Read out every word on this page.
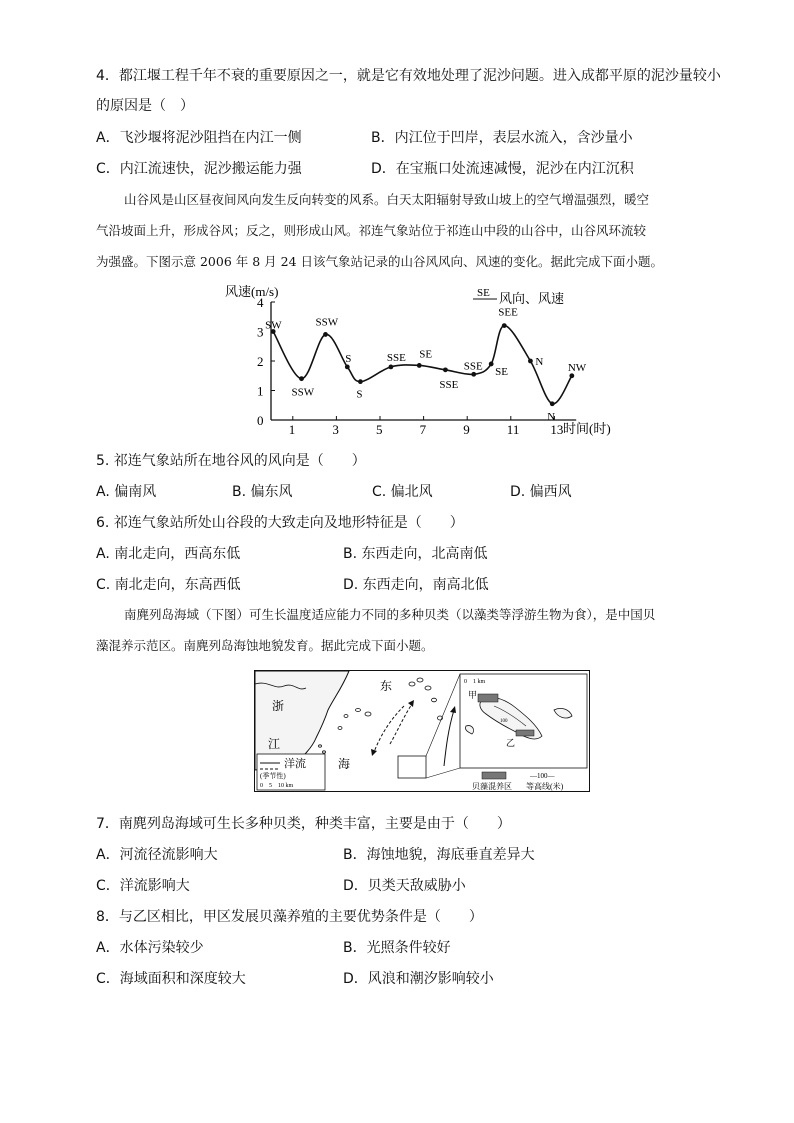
4．都江堰工程千年不衰的重要原因之一，就是它有效地处理了泥沙问题。进入成都平原的泥沙量较小
的原因是（　）
A．飞沙堰将泥沙阻挡在内江一侧	B．内江位于凹岸，表层水流入，含沙量小
C．内江流速快，泥沙搬运能力强	D．在宝瓶口处流速减慢，泥沙在内江沉积
山谷风是山区昼夜间风向发生反向转变的风系。白天太阳辐射导致山坡上的空气增温强烈，暖空
气沿坡面上升，形成谷风；反之，则形成山风。祁连气象站位于祁连山中段的山谷中，山谷风环流较
为强盛。下图示意 2006 年 8 月 24 日该气象站记录的山谷风风向、风速的变化。据此完成下面小题。
风速(m/s)
0
1
2
3
4
1	3	5	7	9	11 13
SW
SSW
SSW
S
S
SSE SE
SSE
SSE SE
SEE
N
N
NW
时间(时)
SE 风向、风速
5. 祁连气象站所在地谷风的风向是（　　）
A. 偏南风	B. 偏东风	C. 偏北风	D. 偏西风
6. 祁连气象站所处山谷段的大致走向及地形特征是（　　）
A. 南北走向，西高东低	B. 东西走向，北高南低
C. 南北走向，东高西低	D. 东西走向，南高北低
南麂列岛海域（下图）可生长温度适应能力不同的多种贝类（以藻类等浮游生物为食），是中国贝
藻混养示范区。南麂列岛海蚀地貌发育。据此完成下面小题。
浙
江
东
海
洋流
(季节性)
0　5　10 km
0　1 km
甲
乙
100
贝藻混养区
—100—
等高线(米)
7．南麂列岛海域可生长多种贝类，种类丰富，主要是由于（　　）
A．河流径流影响大	B．海蚀地貌，海底垂直差异大
C．洋流影响大	D．贝类天敌威胁小
8．与乙区相比，甲区发展贝藻养殖的主要优势条件是（　　）
A．水体污染较少	B．光照条件较好
C．海域面积和深度较大	D．风浪和潮汐影响较小
